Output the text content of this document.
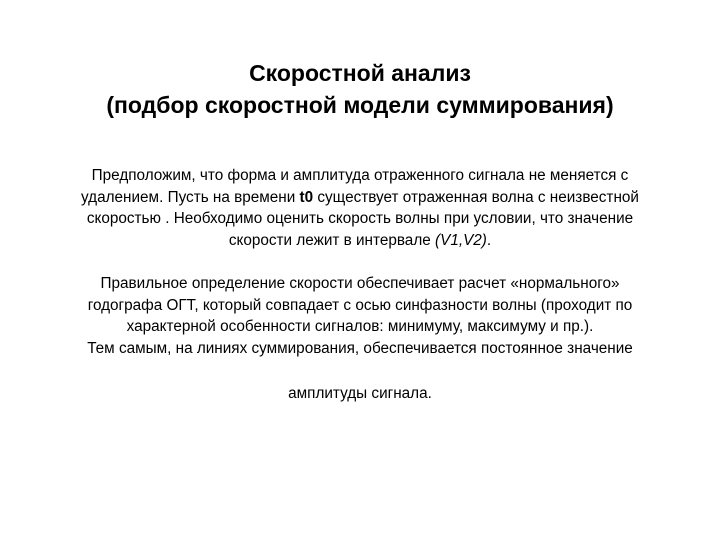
Скоростной анализ
(подбор скоростной модели суммирования)
Предположим, что форма и амплитуда отраженного сигнала не меняется с
удалением. Пусть на времени t0 существует отраженная волна с неизвестной
скоростью . Необходимо оценить скорость волны при условии, что значение
скорости лежит в интервале (V1,V2).
Правильное определение скорости обеспечивает расчет «нормального»
годографа ОГТ, который совпадает с осью синфазности волны (проходит по
характерной особенности сигналов: минимуму, максимуму и пр.).
Тем самым, на линиях суммирования, обеспечивается постоянное значение
амплитуды сигнала.
